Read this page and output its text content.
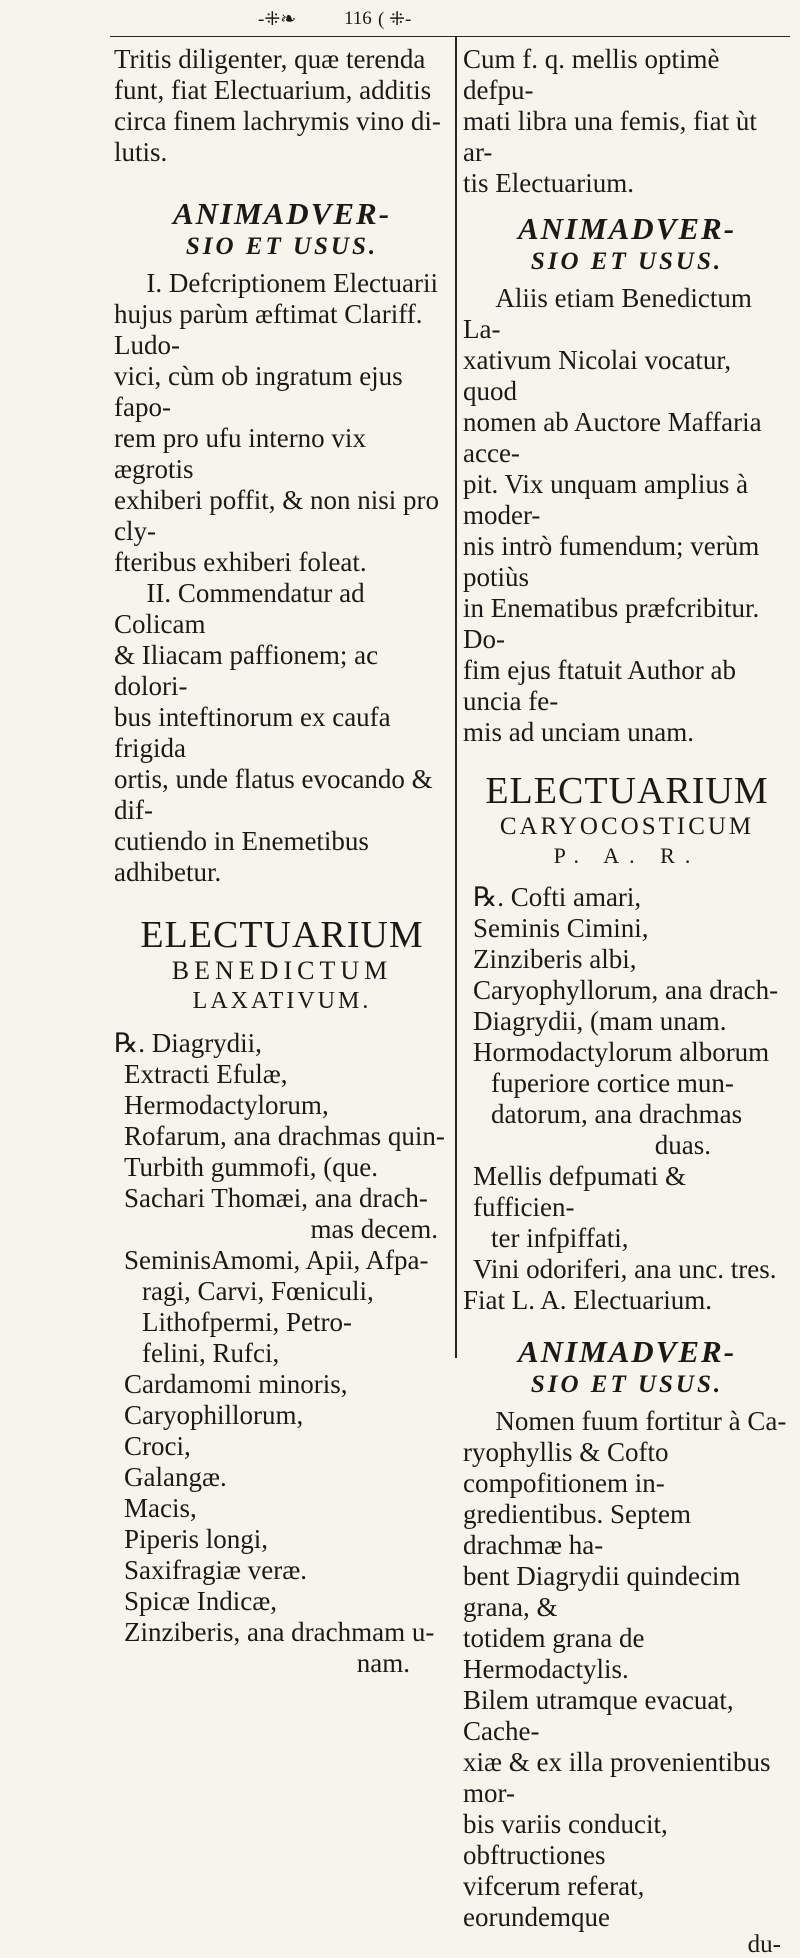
-⁜❧	116 ( ⁜-

Tritis diligenter, quæ terenda

funt, fiat Electuarium, additis

circa finem lachrymis vino di-

lutis.

ANIMADVER-
SIO ET USUS.

I. Defcriptionem Electuarii

hujus parùm æftimat Clariff. Ludo-

vici, cùm ob ingratum ejus fapo-

rem pro ufu interno vix ægrotis

exhiberi poffit, & non nisi pro cly-

fteribus exhiberi foleat.

II. Commendatur ad Colicam

& Iliacam paffionem; ac dolori-

bus inteftinorum ex caufa frigida

ortis, unde flatus evocando & dif-

cutiendo in Enemetibus adhibetur.

ELECTUARIUM
BENEDICTUM
LAXATIVUM.

℞. Diagrydii,

Extracti Efulæ,

Hermodactylorum,

Rofarum, ana drachmas quin-

Turbith gummofi, (que.

Sachari Thomæi, ana drach-

mas decem.

SeminisAmomi, Apii, Afpa-

ragi, Carvi, Fœniculi,

Lithofpermi, Petro-

felini, Rufci,

Cardamomi minoris,

Caryophillorum,

Croci,

Galangæ.

Macis,

Piperis longi,

Saxifragiæ veræ.

Spicæ Indicæ,

Zinziberis, ana drachmam u-

nam.

Cum f. q. mellis optimè defpu-

mati libra una femis, fiat ùt ar-

tis Electuarium.

ANIMADVER-
SIO ET USUS.

Aliis etiam Benedictum La-

xativum Nicolai vocatur, quod

nomen ab Auctore Maffaria acce-

pit. Vix unquam amplius à moder-

nis intrò fumendum; verùm potiùs

in Enematibus præfcribitur. Do-

fim ejus ftatuit Author ab uncia fe-

mis ad unciam unam.

ELECTUARIUM
CARYOCOSTICUM
P. A. R.

℞. Cofti amari,

Seminis Cimini,

Zinziberis albi,

Caryophyllorum, ana drach-

Diagrydii, (mam unam.

Hormodactylorum alborum

fuperiore cortice mun-

datorum, ana drachmas

duas.

Mellis defpumati & fufficien-

ter infpiffati,

Vini odoriferi, ana unc. tres.

Fiat L. A. Electuarium.

ANIMADVER-
SIO ET USUS.

Nomen fuum fortitur à Ca-

ryophyllis & Cofto compofitionem in-

gredientibus. Septem drachmæ ha-

bent Diagrydii quindecim grana, &

totidem grana de Hermodactylis.

Bilem utramque evacuat, Cache-

xiæ & ex illa provenientibus mor-

bis variis conducit, obftructiones

vifcerum referat, eorundemque

du-
